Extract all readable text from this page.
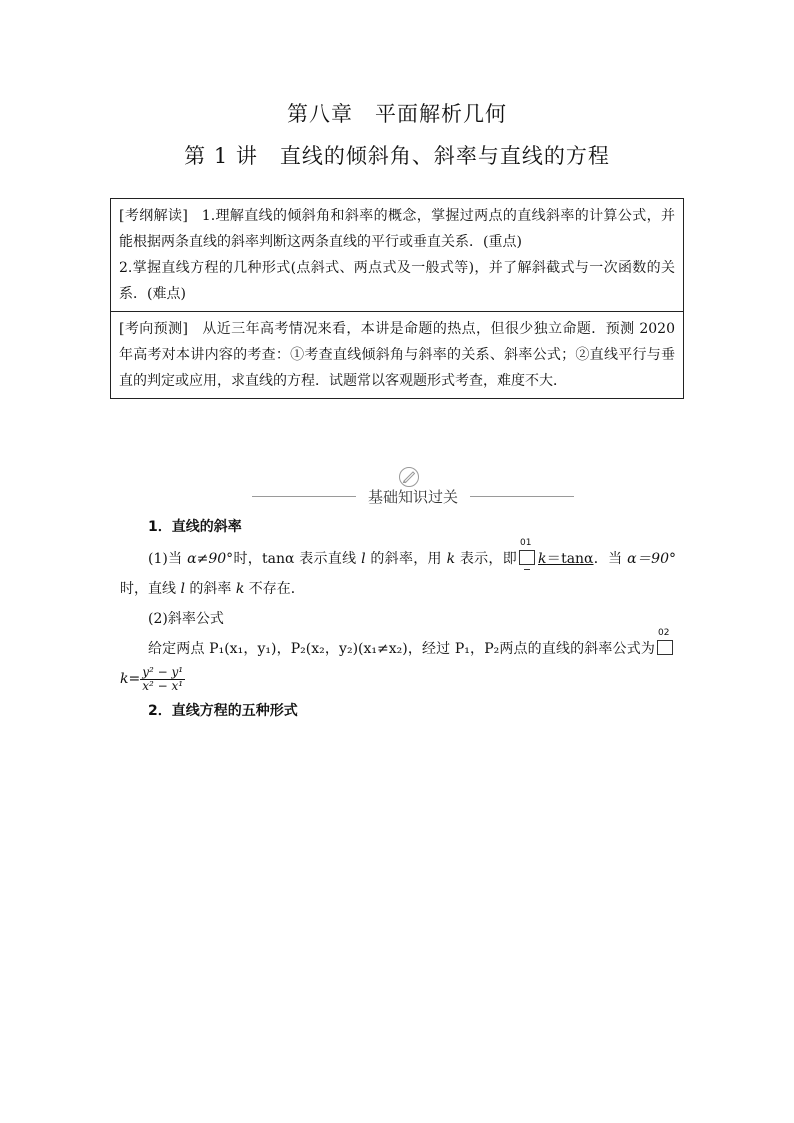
第八章　平面解析几何
第 1 讲　直线的倾斜角、斜率与直线的方程
[考纲解读] 1.理解直线的倾斜角和斜率的概念，掌握过两点的直线斜率的计算公式，并能根据两条直线的斜率判断这两条直线的平行或垂直关系．(重点)
2.掌握直线方程的几种形式(点斜式、两点式及一般式等)，并了解斜截式与一次函数的关系．(难点)
[考向预测] 从近三年高考情况来看，本讲是命题的热点，但很少独立命题．预测 2020 年高考对本讲内容的考查：①考查直线倾斜角与斜率的关系、斜率公式；②直线平行与垂直的判定或应用，求直线的方程．试题常以客观题形式考查，难度不大．
基础知识过关

1．直线的斜率

(1)当 α≠90°时，tanα 表示直线 l 的斜率，用 k 表示，即
01
k＝tanα．当 α＝90°时，直线 l 的斜率 k 不存在．

(2)斜率公式

给定两点 P₁(x₁，y₁)，P₂(x₂，y₂)(x₁≠x₂)，经过 P₁，P₂两点的直线的斜率公式为
02
$k= \frac{\text{y² − y¹}}{\text{x² − x¹}}$

2．直线方程的五种形式
